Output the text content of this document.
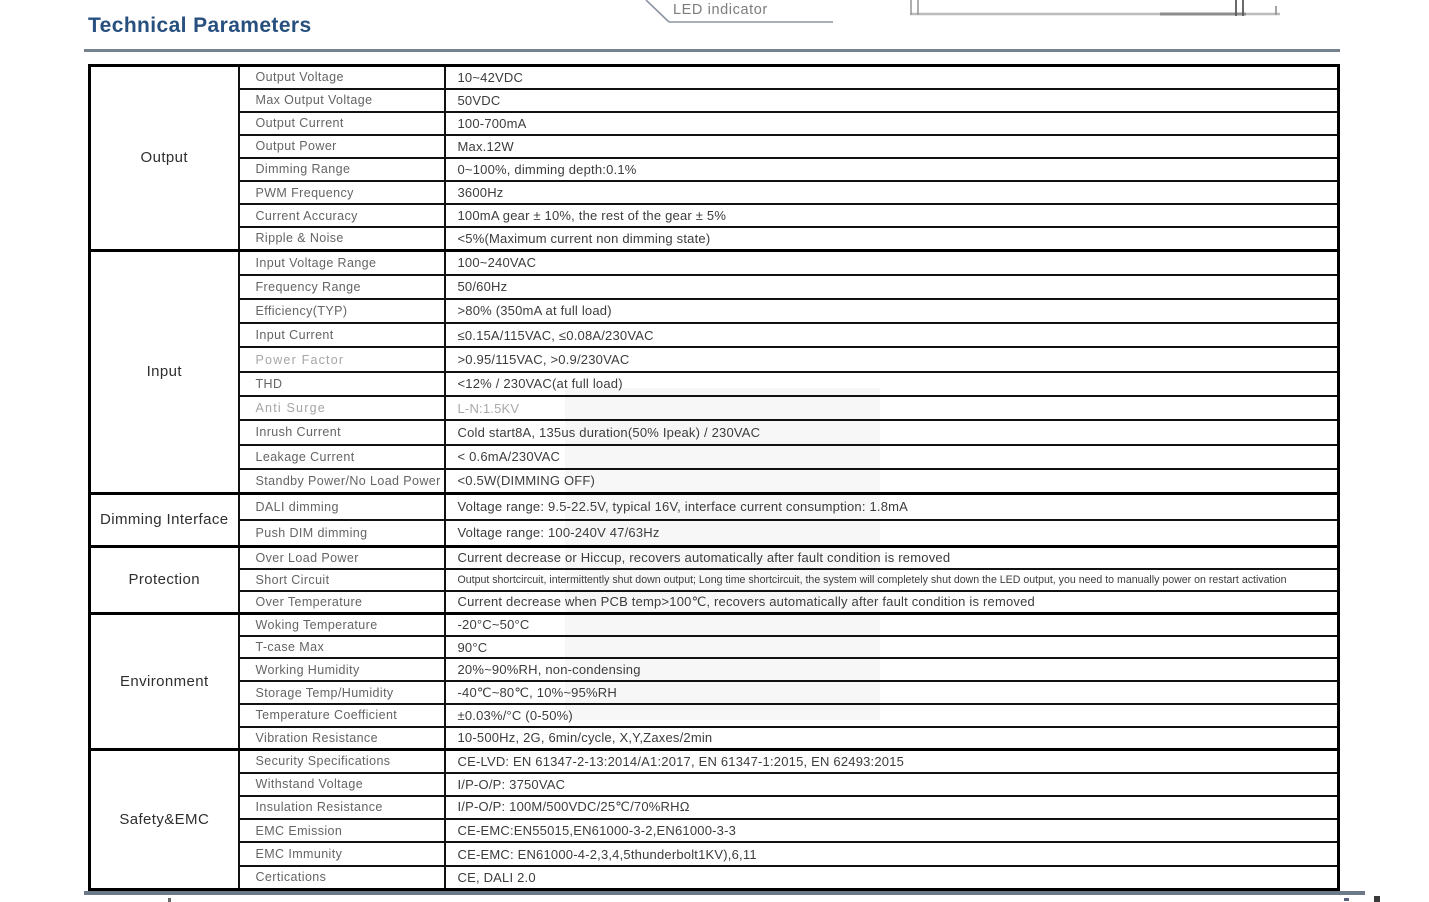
LED indicator
Technical Parameters
Output	Output Voltage	10~42VDC
	Max Output Voltage	50VDC
	Output Current	100-700mA
	Output Power	Max.12W
	Dimming Range	0~100%, dimming depth:0.1%
	PWM Frequency	3600Hz
	Current Accuracy	100mA gear ± 10%, the rest of the gear ± 5%
	Ripple & Noise	<5%(Maximum current non dimming state)
Input	Input Voltage Range	100~240VAC
	Frequency Range	50/60Hz
	Efficiency(TYP)	>80% (350mA at full load)
	Input Current	≤0.15A/115VAC, ≤0.08A/230VAC
	Power Factor	>0.95/115VAC, >0.9/230VAC
	THD	<12% / 230VAC(at full load)
	Anti Surge	L-N:1.5KV
	Inrush Current	Cold start8A, 135us duration(50% Ipeak) / 230VAC
	Leakage Current	< 0.6mA/230VAC
	Standby Power/No Load Power	<0.5W(DIMMING OFF)
Dimming Interface	DALI dimming	Voltage range: 9.5-22.5V, typical 16V, interface current consumption: 1.8mA
	Push DIM dimming	Voltage range: 100-240V 47/63Hz
Protection	Over Load Power	Current decrease or Hiccup, recovers automatically after fault condition is removed
	Short Circuit	Output shortcircuit, intermittently shut down output; Long time shortcircuit, the system will completely shut down the LED output, you need to manually power on restart activation
	Over Temperature	Current decrease when PCB temp>100℃, recovers automatically after fault condition is removed
Environment	Woking Temperature	-20°C~50°C
	T-case Max	90°C
	Working Humidity	20%~90%RH, non-condensing
	Storage Temp/Humidity	-40℃~80℃, 10%~95%RH
	Temperature Coefficient	±0.03%/°C (0-50%)
	Vibration Resistance	10-500Hz, 2G, 6min/cycle, X,Y,Zaxes/2min
Safety&EMC	Security Specifications	CE-LVD: EN 61347-2-13:2014/A1:2017, EN 61347-1:2015, EN 62493:2015
	Withstand Voltage	I/P-O/P: 3750VAC
	Insulation Resistance	I/P-O/P: 100M/500VDC/25℃/70%RHΩ
	EMC Emission	CE-EMC:EN55015,EN61000-3-2,EN61000-3-3
	EMC Immunity	CE-EMC: EN61000-4-2,3,4,5thunderbolt1KV),6,11
	Certications	CE, DALI 2.0
